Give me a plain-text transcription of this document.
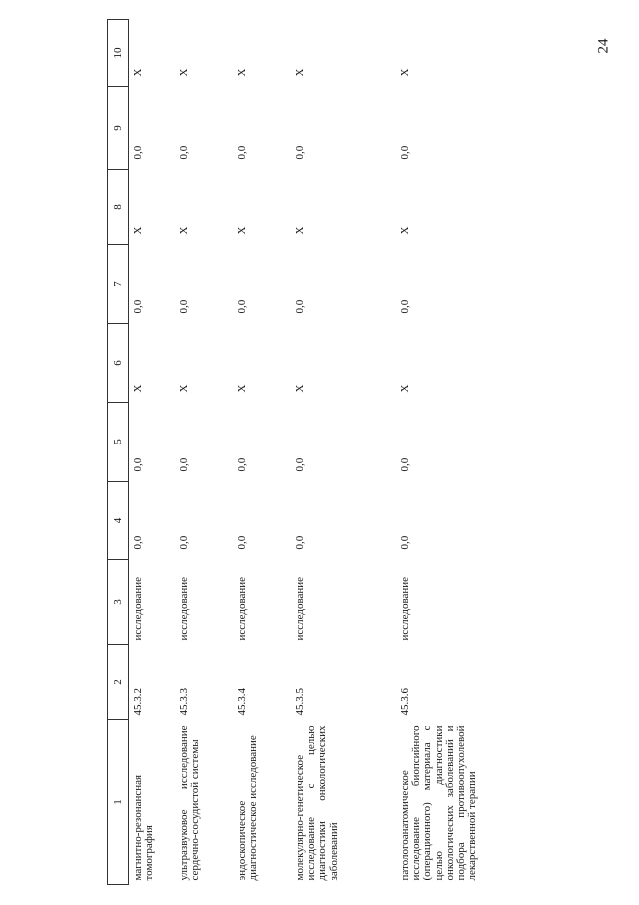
24
1	2	3	4	5	6	7	8	9	10

магнитно-резонансная томография	45.3.2	исследование	0,0	0,0	X	0,0	X	0,0	X
ультразвуковое исследование сердечно-сосудистой системы	45.3.3	исследование	0,0	0,0	X	0,0	X	0,0	X
эндоскопическое диагностическое исследование	45.3.4	исследование	0,0	0,0	X	0,0	X	0,0	X
молекулярно-генетическое исследование с целью диагностики онкологических заболеваний	45.3.5	исследование	0,0	0,0	X	0,0	X	0,0	X
патологоанатомическое исследование биопсийного (операционного) материала с целью диагностики онкологических заболеваний и подбора противоопухолевой лекарственной терапии	45.3.6	исследование	0,0	0,0	X	0,0	X	0,0	X
